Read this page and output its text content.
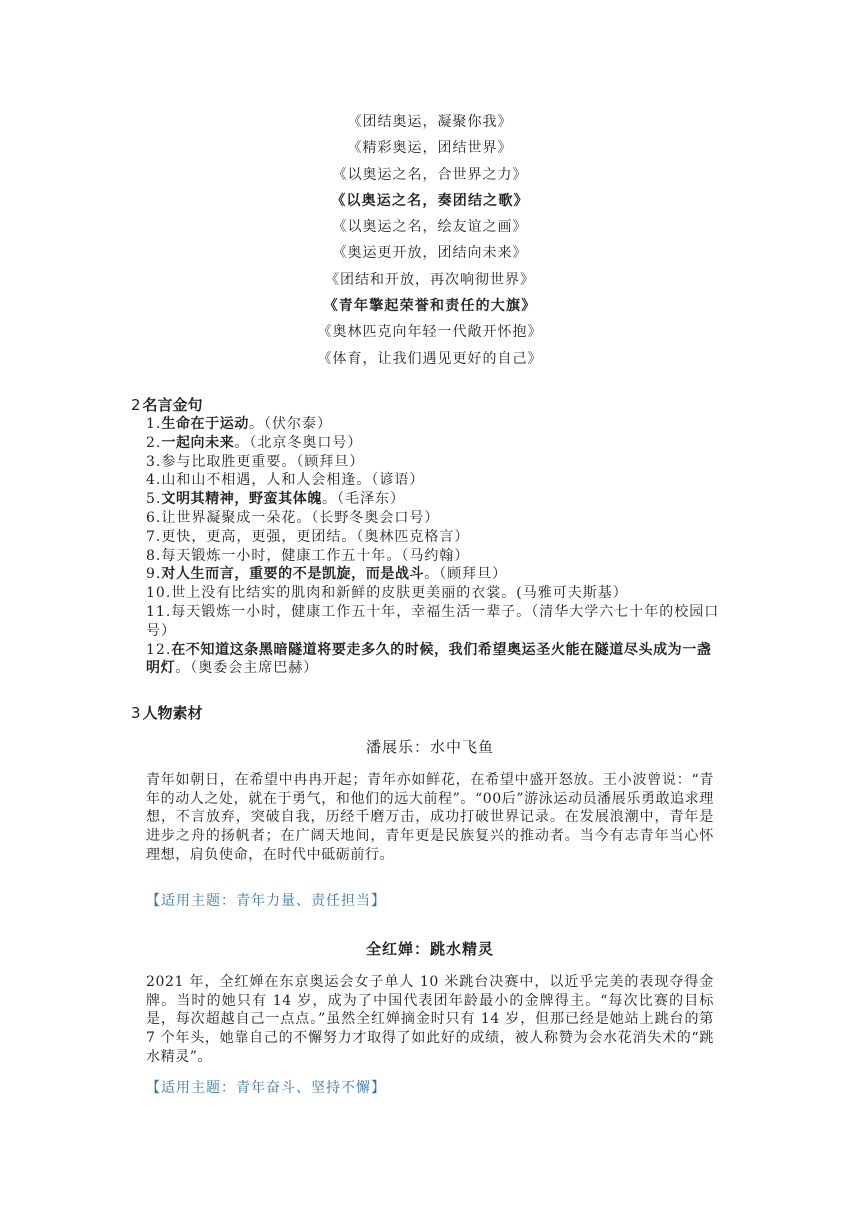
《团结奥运，凝聚你我》
《精彩奥运，团结世界》
《以奥运之名，合世界之力》
《以奥运之名，奏团结之歌》
《以奥运之名，绘友谊之画》
《奥运更开放，团结向未来》
《团结和开放，再次响彻世界》
《青年擎起荣誉和责任的大旗》
《奥林匹克向年轻一代敞开怀抱》
《体育，让我们遇见更好的自己》
2 名言金句
1.生命在于运动。（伏尔泰）
2.一起向未来。（北京冬奥口号）
3.参与比取胜更重要。（顾拜旦）
4.山和山不相遇，人和人会相逢。（谚语）
5.文明其精神，野蛮其体魄。（毛泽东）
6.让世界凝聚成一朵花。（长野冬奥会口号）
7.更快，更高，更强，更团结。（奥林匹克格言）
8.每天锻炼一小时，健康工作五十年。（马约翰）
9.对人生而言，重要的不是凯旋，而是战斗。（顾拜旦）
10.世上没有比结实的肌肉和新鲜的皮肤更美丽的衣裳。(马雅可夫斯基）
11.每天锻炼一小时，健康工作五十年，幸福生活一辈子。（清华大学六七十年的校园口号）
12.在不知道这条黑暗隧道将要走多久的时候，我们希望奥运圣火能在隧道尽头成为一盏明灯。（奥委会主席巴赫）
3 人物素材
潘展乐：水中飞鱼
青年如朝日，在希望中冉冉开起；青年亦如鲜花，在希望中盛开怒放。王小波曾说：“青年的动人之处，就在于勇气，和他们的远大前程”。“00后”游泳运动员潘展乐勇敢追求理想，不言放弃，突破自我，历经千磨万击，成功打破世界记录。在发展浪潮中，青年是进步之舟的扬帆者；在广阔天地间，青年更是民族复兴的推动者。当今有志青年当心怀理想，肩负使命，在时代中砥砺前行。
【适用主题：青年力量、责任担当】
全红婵：跳水精灵
2021 年，全红婵在东京奥运会女子单人 10 米跳台决赛中，以近乎完美的表现夺得金牌。当时的她只有 14 岁，成为了中国代表团年龄最小的金牌得主。“每次比赛的目标是，每次超越自己一点点。”虽然全红婵摘金时只有 14 岁，但那已经是她站上跳台的第 7 个年头，她靠自己的不懈努力才取得了如此好的成绩，被人称赞为会水花消失术的“跳水精灵”。
【适用主题：青年奋斗、坚持不懈】
